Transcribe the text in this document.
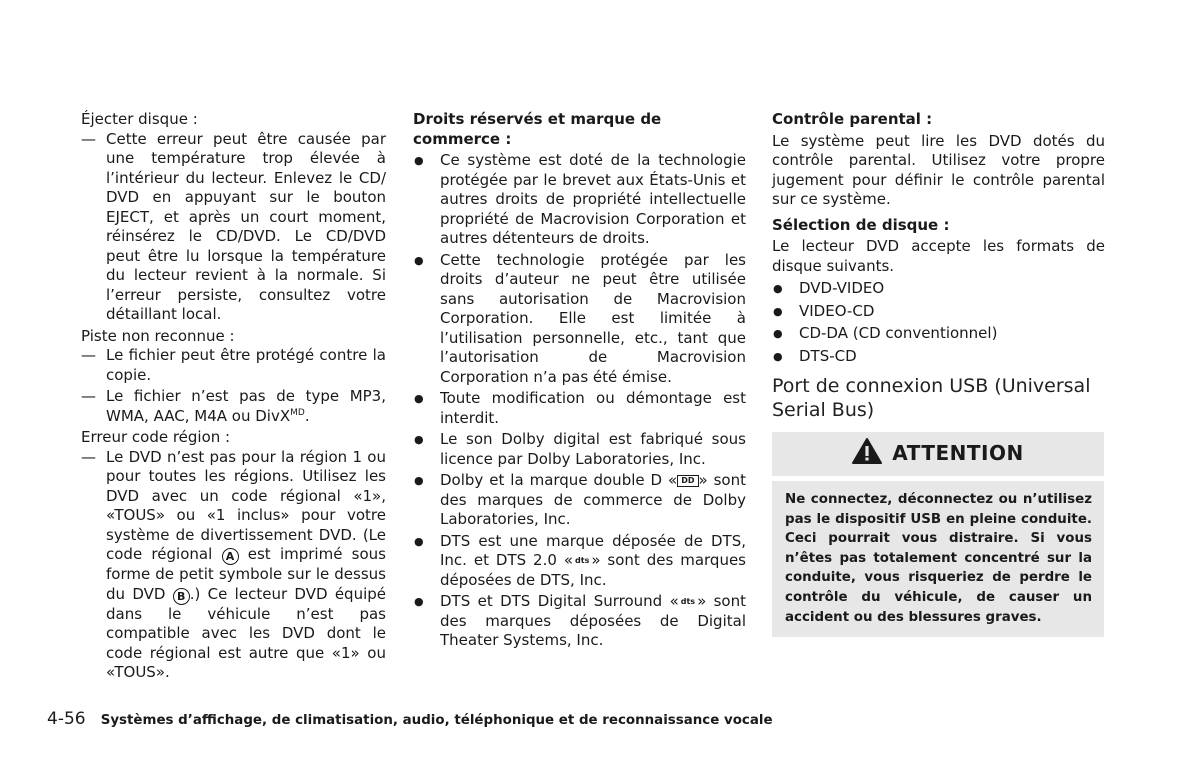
Éjecter disque :

— Cette erreur peut être causée par une température trop élevée à l’intérieur du lecteur. Enlevez le CD/ DVD en appuyant sur le bouton EJECT, et après un court moment, réinsérez le CD/DVD. Le CD/DVD peut être lu lorsque la température du lecteur revient à la normale. Si l’erreur persiste, consultez votre détaillant local.

Piste non reconnue :

— Le fichier peut être protégé contre la copie.

— Le fichier n’est pas de type MP3, WMA, AAC, M4A ou DivX$^{MD}$.

Erreur code région :

— Le DVD n’est pas pour la région 1 ou pour toutes les régions. Utilisez les DVD avec un code régional «1», «TOUS» ou «1 inclus» pour votre système de divertissement DVD. (Le code régional A est imprimé sous forme de petit symbole sur le dessus du DVD B .) Ce lecteur DVD équipé dans le véhicule n’est pas compatible avec les DVD dont le code régional est autre que «1» ou «TOUS».

Droits réservés et marque de commerce :

● Ce système est doté de la technologie protégée par le brevet aux États-Unis et autres droits de propriété intellectuelle propriété de Macrovision Corporation et autres détenteurs de droits.

● Cette technologie protégée par les droits d’auteur ne peut être utilisée sans autorisation de Macrovision Corporation. Elle est limitée à l’utilisation personnelle, etc., tant que l’autorisation de Macrovision Corporation n’a pas été émise.

● Toute modification ou démontage est interdit.

● Le son Dolby digital est fabriqué sous licence par Dolby Laboratories, Inc.

● Dolby et la marque double D « DD » sont des marques de commerce de Dolby Laboratories, Inc.

● DTS est une marque déposée de DTS, Inc. et DTS 2.0 « dts » sont des marques déposées de DTS, Inc.

● DTS et DTS Digital Surround « dts » sont des marques déposées de Digital Theater Systems, Inc.

Contrôle parental :

Le système peut lire les DVD dotés du contrôle parental. Utilisez votre propre jugement pour définir le contrôle parental sur ce système.

Sélection de disque :

Le lecteur DVD accepte les formats de disque suivants.

● DVD-VIDEO

● VIDEO-CD

● CD-DA (CD conventionnel)

● DTS-CD

Port de connexion USB (Universal Serial Bus)
ATTENTION

Ne connectez, déconnectez ou n’utilisez pas le dispositif USB en pleine conduite. Ceci pourrait vous distraire. Si vous n’êtes pas totalement concentré sur la conduite, vous risqueriez de perdre le contrôle du véhicule, de causer un accident ou des blessures graves.

4-56 Systèmes d’affichage, de climatisation, audio, téléphonique et de reconnaissance vocale
